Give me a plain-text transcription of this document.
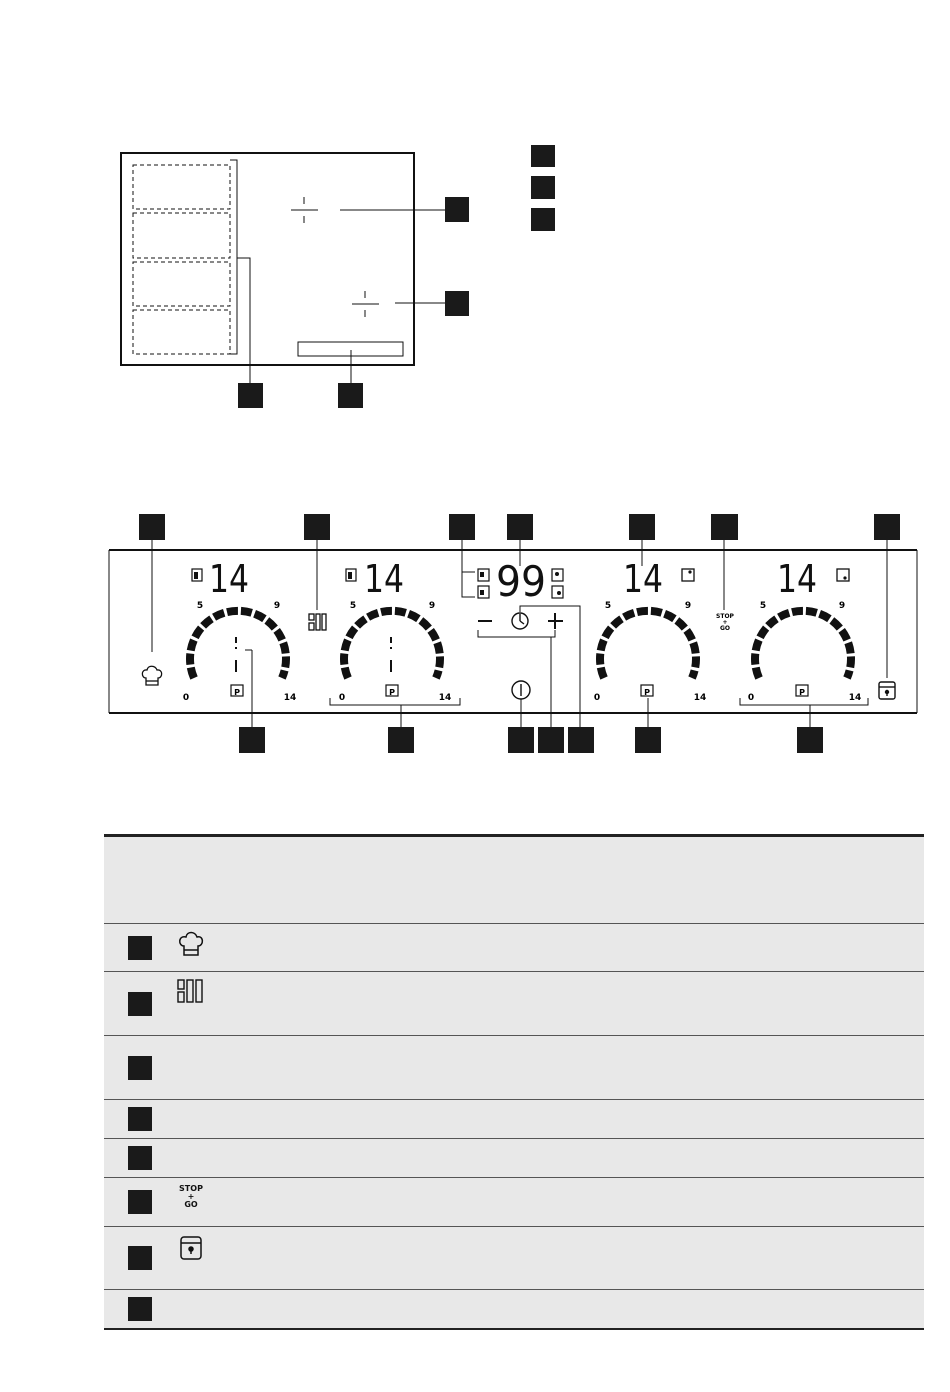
14
5	9
0	14
P
14
5	9
0	14
P
99 14
5	9
0	14
P
STOP
+
GO
14
5	9
0	14
P

	STOP
+
GO	
